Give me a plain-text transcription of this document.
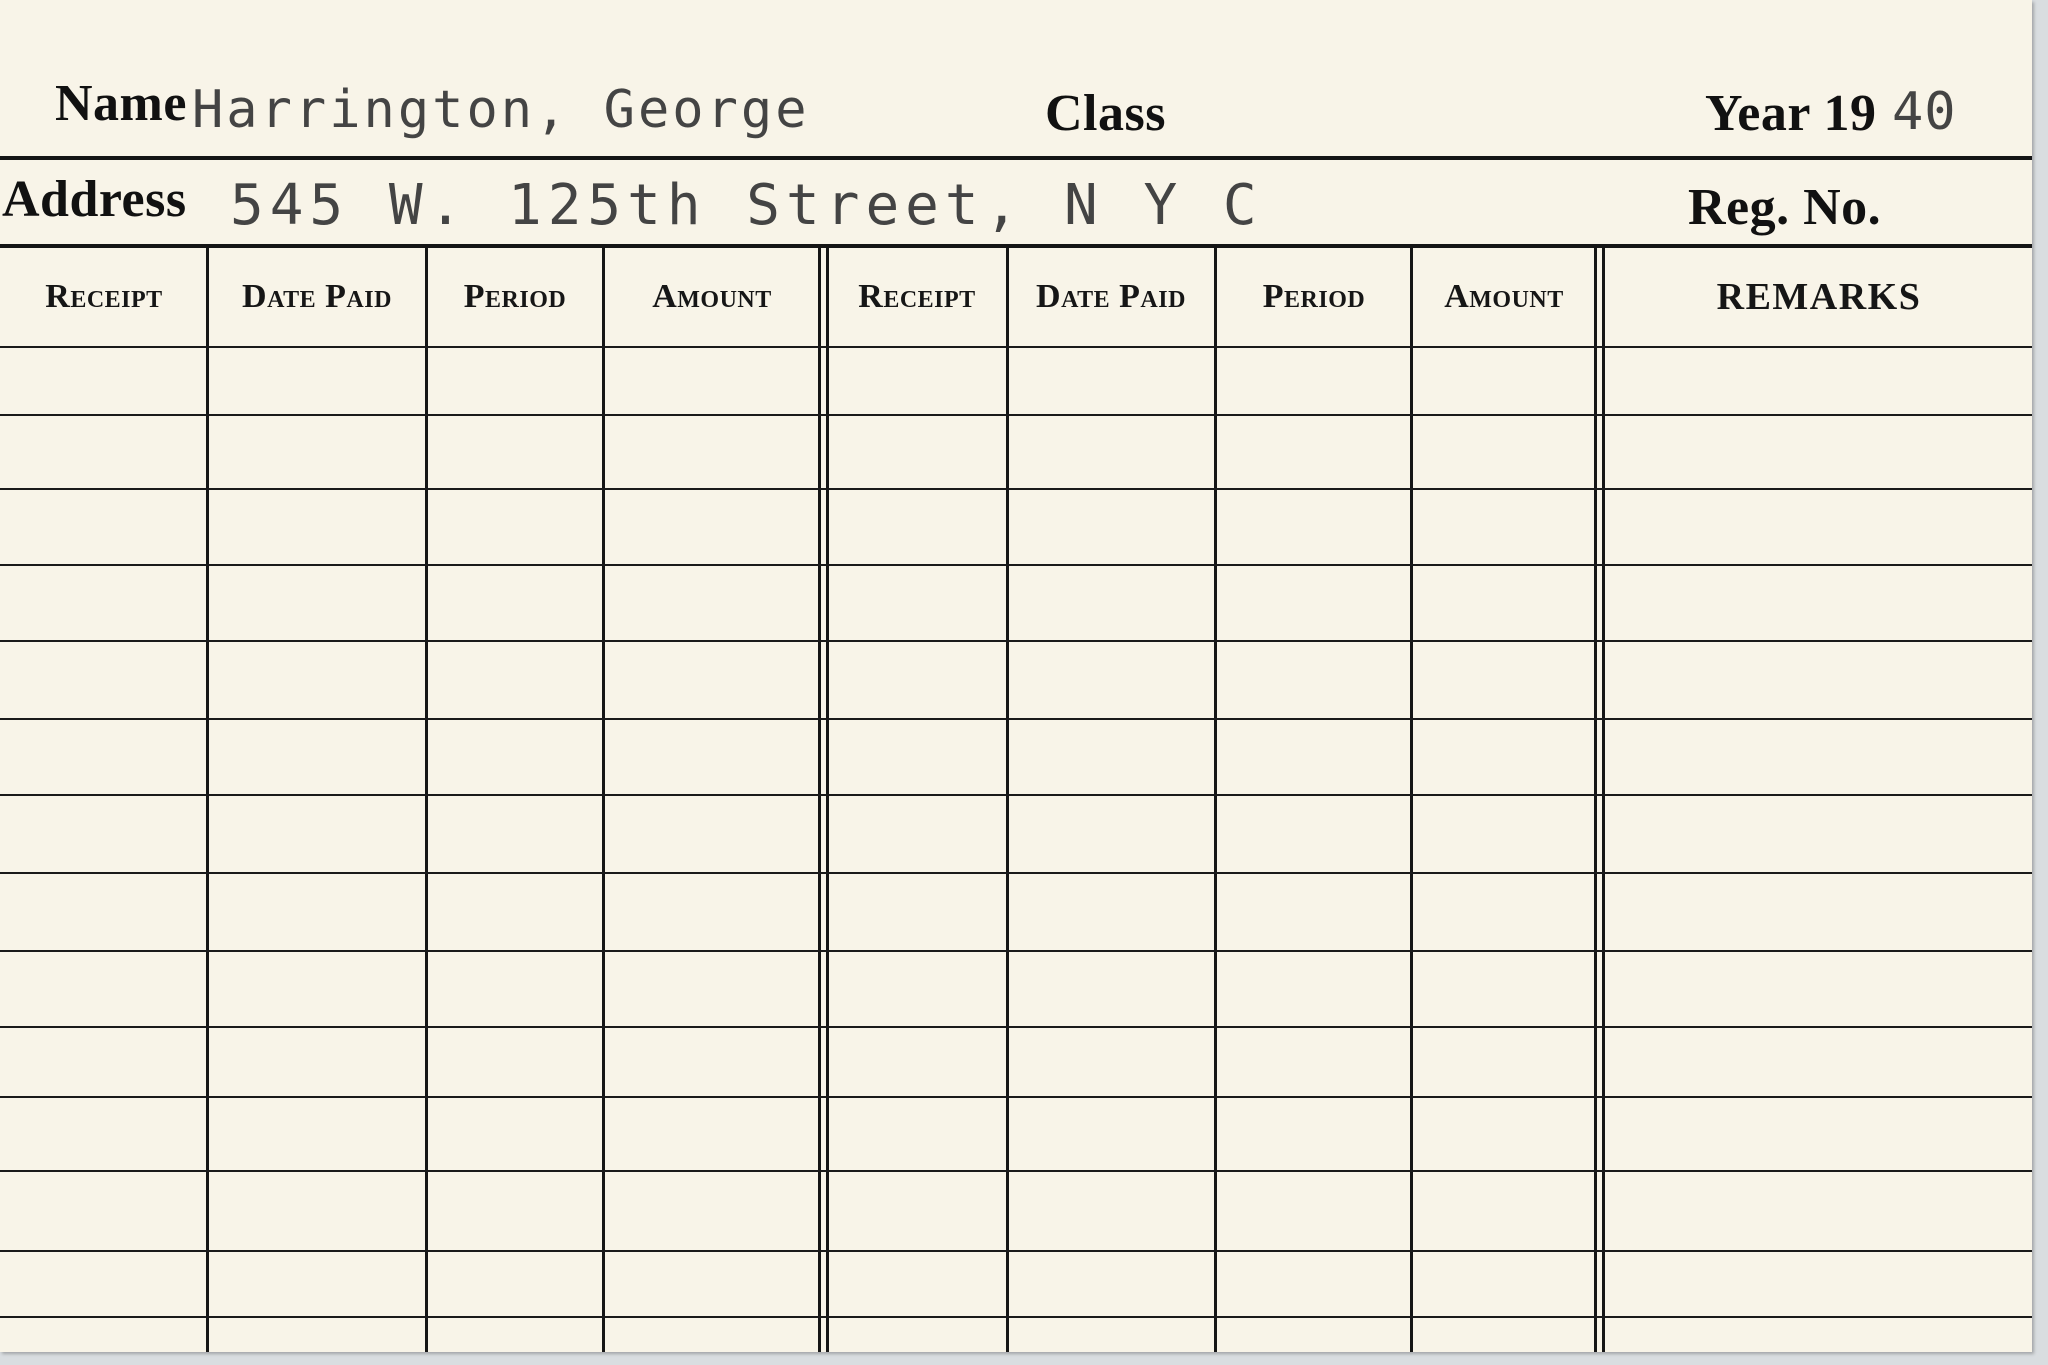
Name Harrington, George	Class	Year 19 40
Address 545 W. 125th Street, N Y C	Reg. No.
Receipt	Date Paid	Period	Amount	Receipt	Date Paid	Period	Amount	REMARKS
